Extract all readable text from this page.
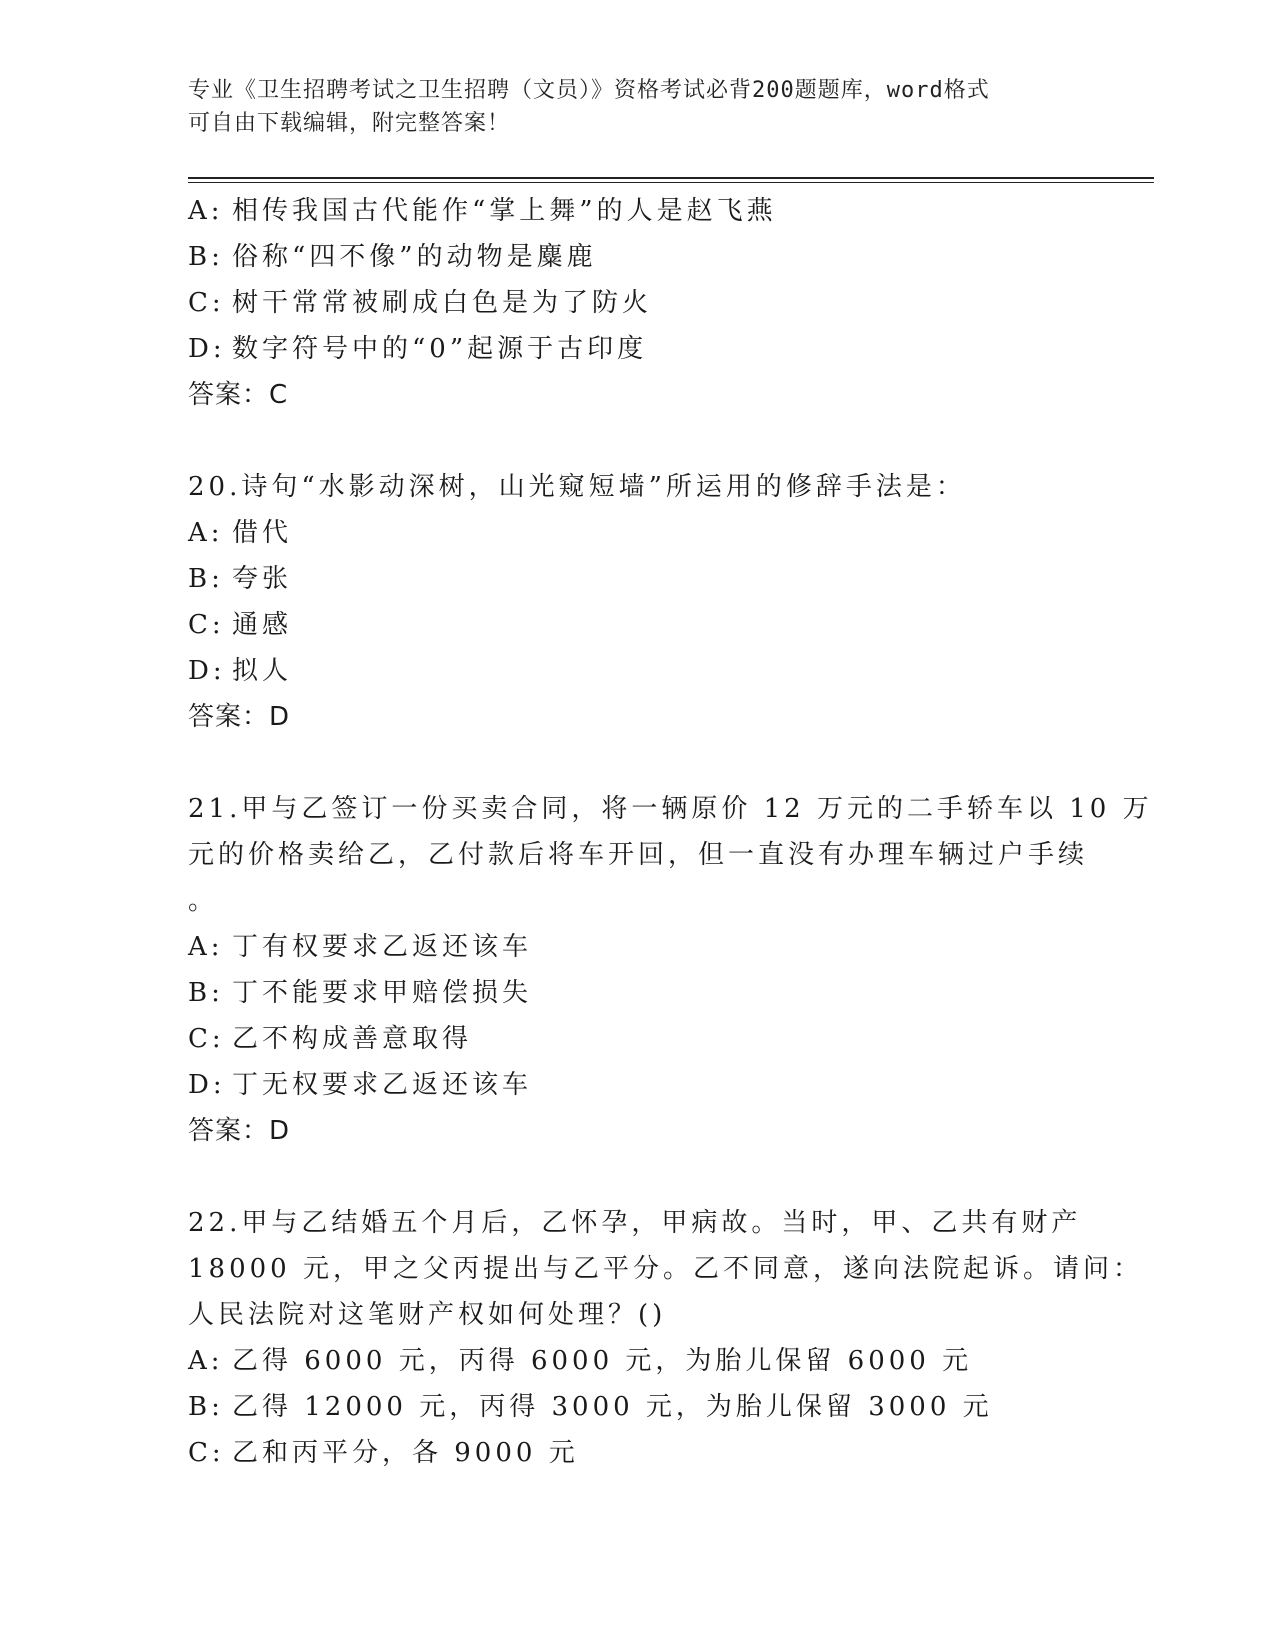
专业《卫生招聘考试之卫生招聘（文员）》资格考试必背200题题库，word格式
可自由下载编辑，附完整答案！
A: 相传我国古代能作“掌上舞”的人是赵飞燕
B: 俗称“四不像”的动物是麋鹿
C: 树干常常被刷成白色是为了防火
D: 数字符号中的“0”起源于古印度
答案：C
20.诗句“水影动深树，山光窥短墙”所运用的修辞手法是：
A: 借代
B: 夸张
C: 通感
D: 拟人
答案：D
21.甲与乙签订一份买卖合同，将一辆原价 12 万元的二手轿车以 10 万
元的价格卖给乙，乙付款后将车开回，但一直没有办理车辆过户手续
。
A: 丁有权要求乙返还该车
B: 丁不能要求甲赔偿损失
C: 乙不构成善意取得
D: 丁无权要求乙返还该车
答案：D
22.甲与乙结婚五个月后，乙怀孕，甲病故。当时，甲、乙共有财产
18000 元，甲之父丙提出与乙平分。乙不同意，遂向法院起诉。请问：
人民法院对这笔财产权如何处理？()
A: 乙得 6000 元，丙得 6000 元，为胎儿保留 6000 元
B: 乙得 12000 元，丙得 3000 元，为胎儿保留 3000 元
C: 乙和丙平分，各 9000 元
